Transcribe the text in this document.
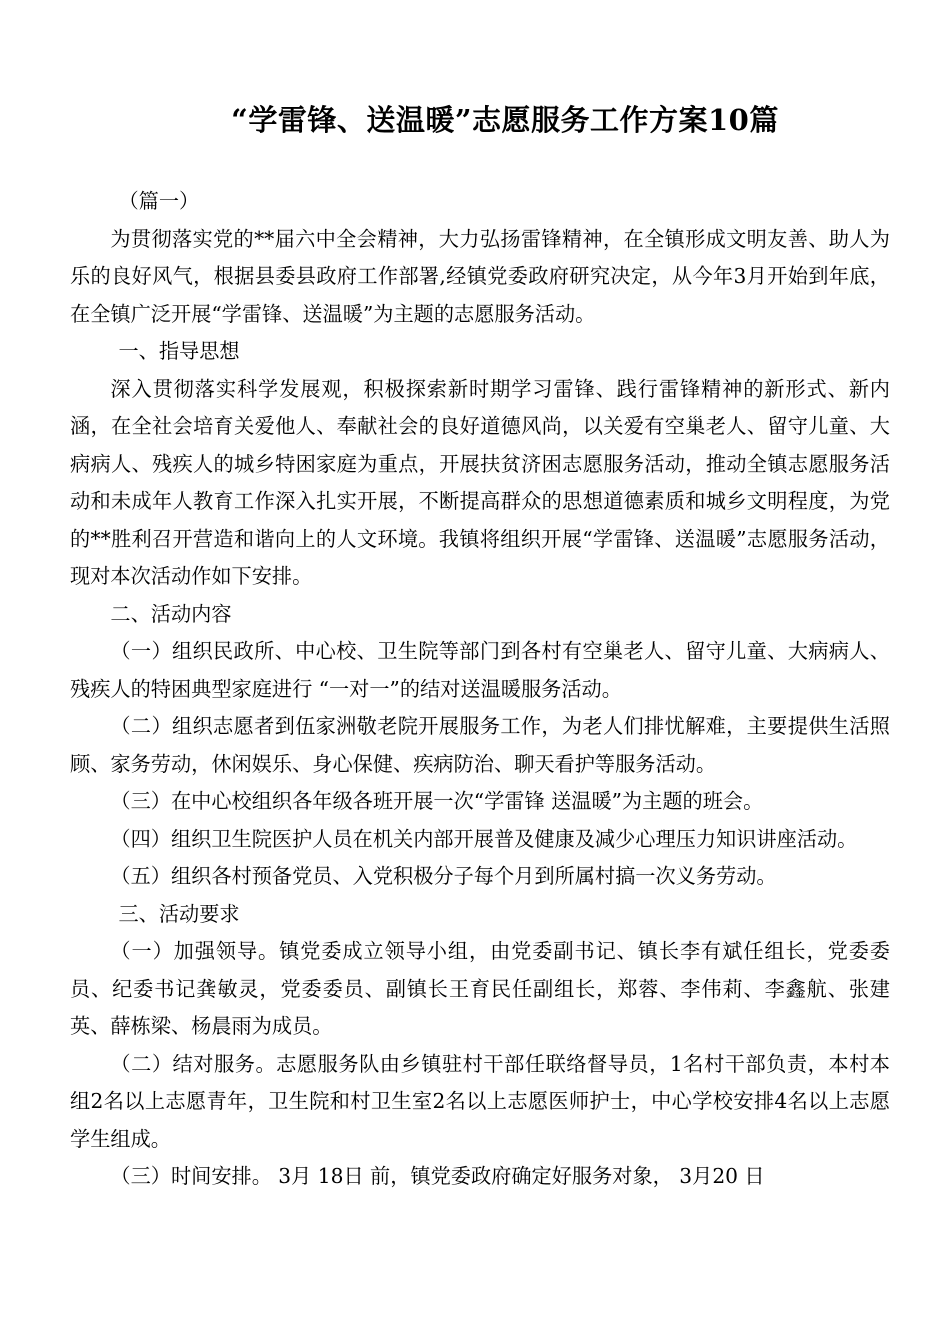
“学雷锋、送温暖”志愿服务工作方案10篇

（篇一）

为贯彻落实党的**届六中全会精神，大力弘扬雷锋精神，在全镇形成文明友善、助人为乐的良好风气，根据县委县政府工作部署,经镇党委政府研究决定，从今年3月开始到年底，在全镇广泛开展“学雷锋、送温暖”为主题的志愿服务活动。

一、指导思想

深入贯彻落实科学发展观，积极探索新时期学习雷锋、践行雷锋精神的新形式、新内涵，在全社会培育关爱他人、奉献社会的良好道德风尚，以关爱有空巢老人、留守儿童、大病病人、残疾人的城乡特困家庭为重点，开展扶贫济困志愿服务活动，推动全镇志愿服务活动和未成年人教育工作深入扎实开展，不断提高群众的思想道德素质和城乡文明程度，为党的**胜利召开营造和谐向上的人文环境。我镇将组织开展“学雷锋、送温暖”志愿服务活动，现对本次活动作如下安排。

二、活动内容

（一）组织民政所、中心校、卫生院等部门到各村有空巢老人、留守儿童、大病病人、残疾人的特困典型家庭进行 “一对一”的结对送温暖服务活动。

（二）组织志愿者到伍家洲敬老院开展服务工作，为老人们排忧解难，主要提供生活照顾、家务劳动，休闲娱乐、身心保健、疾病防治、聊天看护等服务活动。

（三）在中心校组织各年级各班开展一次“学雷锋 送温暖”为主题的班会。

（四）组织卫生院医护人员在机关内部开展普及健康及减少心理压力知识讲座活动。

（五）组织各村预备党员、入党积极分子每个月到所属村搞一次义务劳动。

三、活动要求

（一）加强领导。镇党委成立领导小组，由党委副书记、镇长李有斌任组长，党委委员、纪委书记龚敏灵，党委委员、副镇长王育民任副组长，郑蓉、李伟莉、李鑫航、张建英、薛栋梁、杨晨雨为成员。

（二）结对服务。志愿服务队由乡镇驻村干部任联络督导员，1名村干部负责，本村本组2名以上志愿青年，卫生院和村卫生室2名以上志愿医师护士，中心学校安排4名以上志愿学生组成。

（三）时间安排。 3月 18日 前，镇党委政府确定好服务对象， 3月20 日
